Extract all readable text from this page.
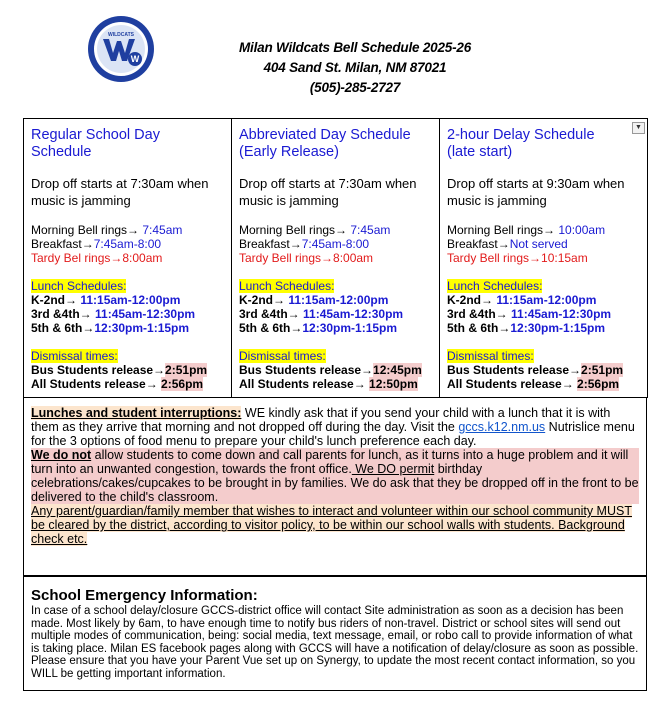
W
WILDCATS
Milan Wildcats Bell Schedule 2025-26
404 Sand St. Milan, NM 87021
(505)-285-2727
▼
Regular School Day
Schedule
Drop off starts at 7:30am when
music is jamming
Morning Bell rings→ 7:45am
Breakfast→7:45am-8:00
Tardy Bel rings→8:00am
Lunch Schedules:
K-2nd→ 11:15am-12:00pm
3rd &4th→ 11:45am-12:30pm
5th & 6th→12:30pm-1:15pm
Dismissal times:
Bus Students release→2:51pm
All Students release→ 2:56pm

Abbreviated Day Schedule
(Early Release)
Drop off starts at 7:30am when
music is jamming
Morning Bell rings→ 7:45am
Breakfast→7:45am-8:00
Tardy Bell rings→8:00am
Lunch Schedules:
K-2nd→ 11:15am-12:00pm
3rd &4th→ 11:45am-12:30pm
5th & 6th→12:30pm-1:15pm
Dismissal times:
Bus Students release→12:45pm
All Students release→ 12:50pm

2-hour Delay Schedule
(late start)
Drop off starts at 9:30am when
music is jamming
Morning Bell rings→ 10:00am
Breakfast→Not served
Tardy Bell rings→10:15am
Lunch Schedules:
K-2nd→ 11:15am-12:00pm
3rd &4th→ 11:45am-12:30pm
5th & 6th→12:30pm-1:15pm
Dismissal times:
Bus Students release→2:51pm
All Students release→ 2:56pm
Lunches and student interruptions: WE kindly ask that if you send your child with a lunch that it is with them as they arrive that morning and not dropped off during the day. Visit the gccs.k12.nm.us Nutrislice menu for the 3 options of food menu to prepare your child's lunch preference each day.
We do not allow students to come down and call parents for lunch, as it turns into a huge problem and it will turn into an unwanted congestion, towards the front office. We DO permit birthday celebrations/cakes/cupcakes to be brought in by families. We do ask that they be dropped off in the front to be delivered to the child's classroom.
Any parent/guardian/family member that wishes to interact and volunteer within our school community MUST be cleared by the district, according to visitor policy, to be within our school walls with students. Background check etc.
School Emergency Information:
In case of a school delay/closure GCCS-district office will contact Site administration as soon as a decision has been made. Most likely by 6am, to have enough time to notify bus riders of non-travel. District or school sites will send out multiple modes of communication, being: social media, text message, email, or robo call to provide information of what is taking place. Milan ES facebook pages along with GCCS will have a notification of delay/closure as soon as possible. Please ensure that you have your Parent Vue set up on Synergy, to update the most recent contact information, so you WILL be getting important information.
